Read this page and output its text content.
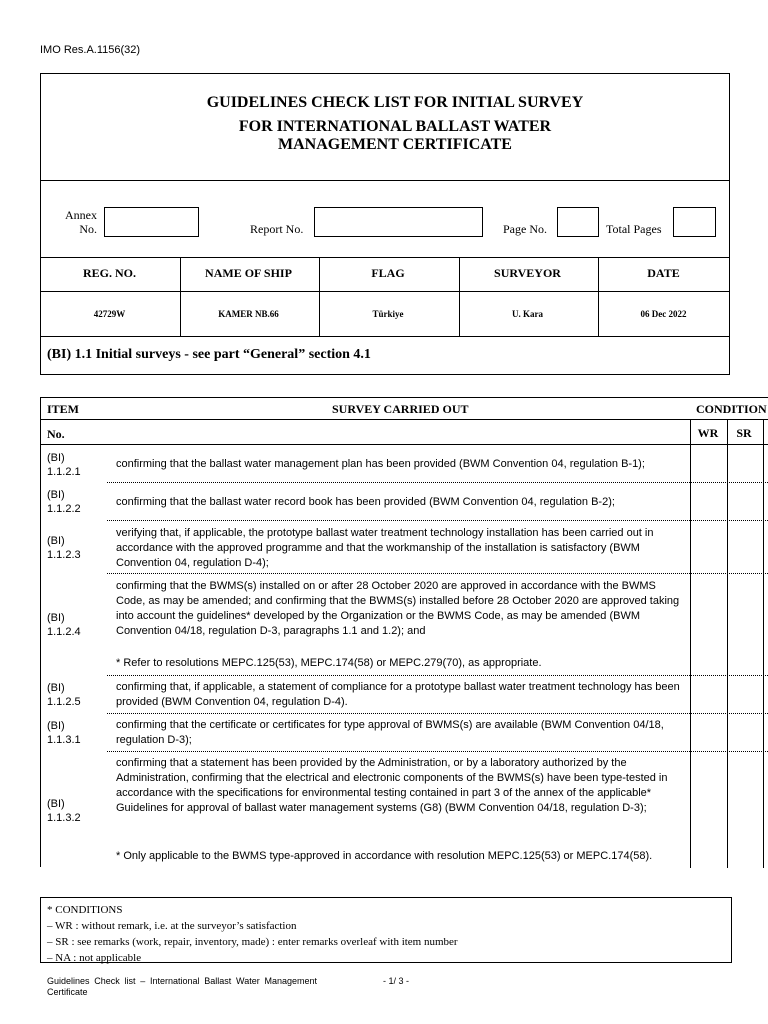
IMO Res.A.1156(32)
GUIDELINES CHECK LIST FOR INITIAL SURVEY
FOR INTERNATIONAL BALLAST WATER
MANAGEMENT CERTIFICATE
Annex
No.	Report No.	Page No.	Total Pages
REG. NO.	NAME OF SHIP	FLAG	SURVEYOR	DATE
42729W	KAMER NB.66	Türkiye	U. Kara	06 Dec 2022
(BI) 1.1 Initial surveys - see part “General” section 4.1
ITEM
No.
SURVEY CARRIED OUT	CONDITION
WR	SR
(BI)
1.1.2.1
confirming that the ballast water management plan has been provided (BWM Convention 04, regulation B-1);
(BI)
1.1.2.2
confirming that the ballast water record book has been provided (BWM Convention 04, regulation B-2);
(BI)
1.1.2.3
verifying that, if applicable, the prototype ballast water treatment technology installation has been carried out in accordance with the approved programme and that the workmanship of the installation is satisfactory (BWM Convention 04, regulation D-4);
(BI)
1.1.2.4
confirming that the BWMS(s) installed on or after 28 October 2020 are approved in accordance with the BWMS Code, as may be amended; and confirming that the BWMS(s) installed before 28 October 2020 are approved taking into account the guidelines* developed by the Organization or the BWMS Code, as may be amended (BWM Convention 04/18, regulation D-3, paragraphs 1.1 and 1.2); and
* Refer to resolutions MEPC.125(53), MEPC.174(58) or MEPC.279(70), as appropriate.
(BI)
1.1.2.5
confirming that, if applicable, a statement of compliance for a prototype ballast water treatment technology has been provided (BWM Convention 04, regulation D-4).
(BI)
1.1.3.1
confirming that the certificate or certificates for type approval of BWMS(s) are available (BWM Convention 04/18, regulation D-3);
(BI)
1.1.3.2
confirming that a statement has been provided by the Administration, or by a laboratory authorized by the Administration, confirming that the electrical and electronic components of the BWMS(s) have been type-tested in accordance with the specifications for environmental testing contained in part 3 of the annex of the applicable* Guidelines for approval of ballast water management systems (G8) (BWM Convention 04/18, regulation D-3);
* Only applicable to the BWMS type-approved in accordance with resolution MEPC.125(53) or MEPC.174(58).
* CONDITIONS
– WR : without remark, i.e. at the surveyor’s satisfaction
– SR : see remarks (work, repair, inventory, made) : enter remarks overleaf with item number
– NA : not applicable
Guidelines Check list – International Ballast Water Management Certificate
- 1/ 3 -
